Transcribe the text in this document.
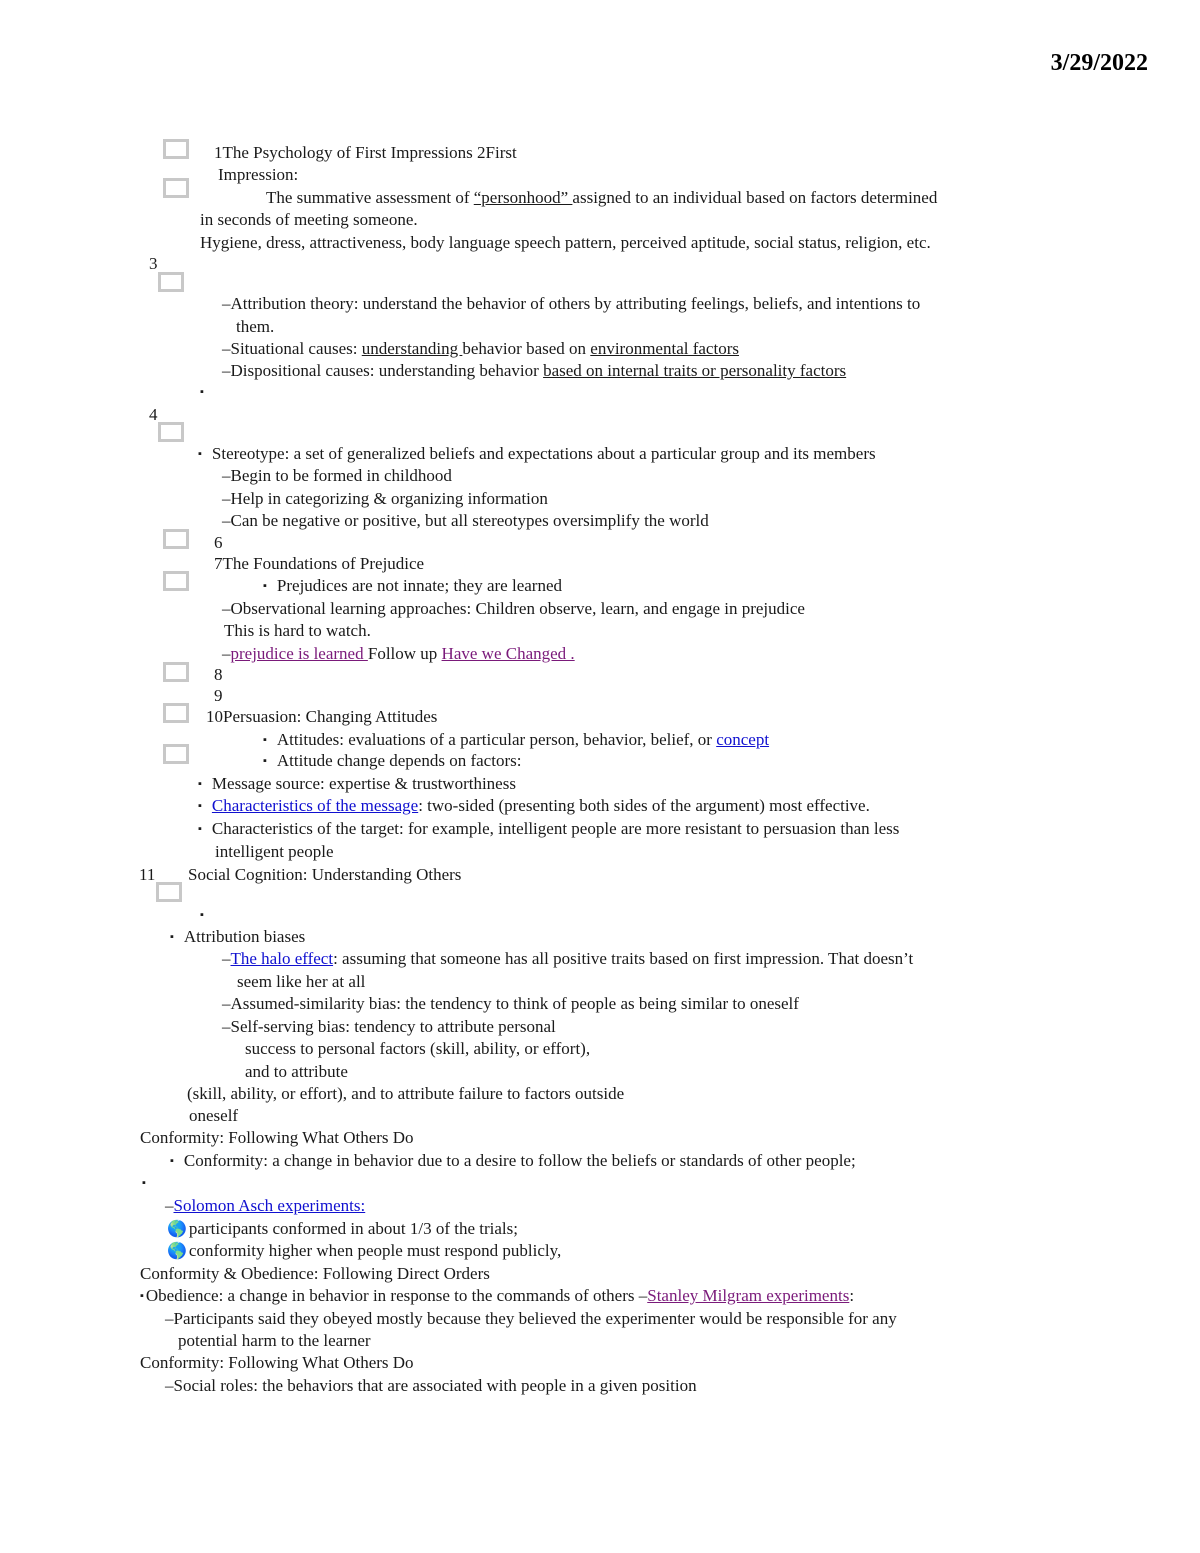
3/29/2022
1The Psychology of First Impressions 2First
Impression:
The summative assessment of “personhood” assigned to an individual based on factors determined
in seconds of meeting someone.
Hygiene, dress, attractiveness, body language speech pattern, perceived aptitude, social status, religion, etc.
3
–Attribution theory: understand the behavior of others by attributing feelings, beliefs, and intentions to
them.
–Situational causes: understanding behavior based on environmental factors
–Dispositional causes: understanding behavior based on internal traits or personality factors
▪
4
▪ Stereotype: a set of generalized beliefs and expectations about a particular group and its members
–Begin to be formed in childhood
–Help in categorizing & organizing information
–Can be negative or positive, but all stereotypes oversimplify the world
6
7The Foundations of Prejudice
▪ Prejudices are not innate; they are learned
–Observational learning approaches: Children observe, learn, and engage in prejudice
This is hard to watch.
–prejudice is learned Follow up Have we Changed .
8
9
10Persuasion: Changing Attitudes
▪ Attitudes: evaluations of a particular person, behavior, belief, or concept
▪ Attitude change depends on factors:
▪ Message source: expertise & trustworthiness
▪ Characteristics of the message: two-sided (presenting both sides of the argument) most effective.
▪ Characteristics of the target: for example, intelligent people are more resistant to persuasion than less
intelligent people
11 Social Cognition: Understanding Others
▪
▪ Attribution biases
–The halo effect: assuming that someone has all positive traits based on first impression. That doesn’t
seem like her at all
–Assumed-similarity bias: the tendency to think of people as being similar to oneself
–Self-serving bias: tendency to attribute personal
success to personal factors (skill, ability, or effort),
and to attribute
(skill, ability, or effort), and to attribute failure to factors outside
oneself
Conformity: Following What Others Do
▪ Conformity: a change in behavior due to a desire to follow the beliefs or standards of other people;
▪
–Solomon Asch experiments:
🌎 participants conformed in about 1/3 of the trials;
🌎 conformity higher when people must respond publicly,
Conformity & Obedience: Following Direct Orders
▪ Obedience: a change in behavior in response to the commands of others –Stanley Milgram experiments:
–Participants said they obeyed mostly because they believed the experimenter would be responsible for any
potential harm to the learner
Conformity: Following What Others Do
–Social roles: the behaviors that are associated with people in a given position
